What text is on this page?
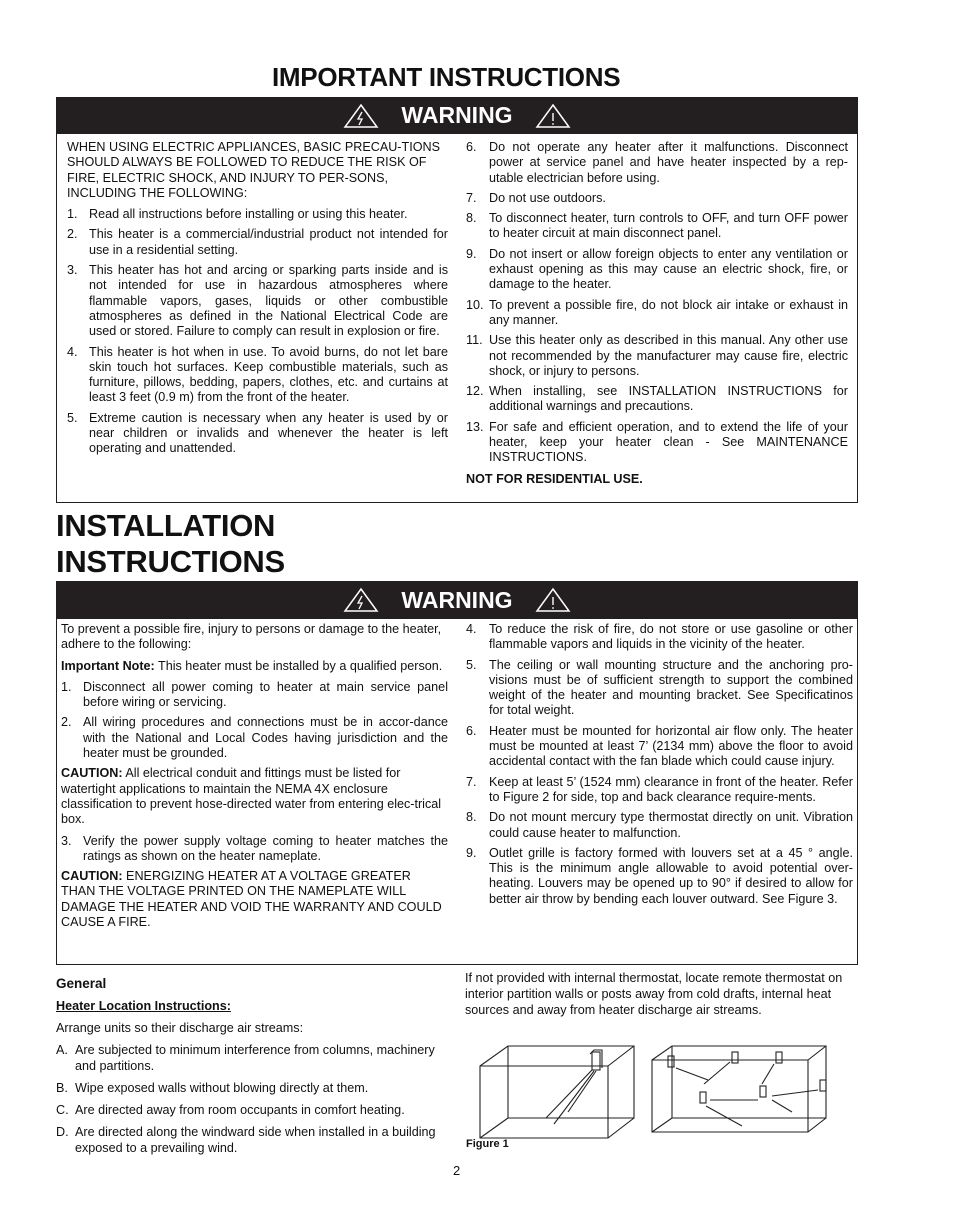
IMPORTANT INSTRUCTIONS
WARNING

WHEN USING ELECTRIC APPLIANCES, BASIC PRECAU-TIONS SHOULD ALWAYS BE FOLLOWED TO REDUCE THE RISK OF FIRE, ELECTRIC SHOCK, AND INJURY TO PER-SONS, INCLUDING THE FOLLOWING:

1. Read all instructions before installing or using this heater.
2. This heater is a commercial/industrial product not intended for use in a residential setting.
3. This heater has hot and arcing or sparking parts inside and is not intended for use in hazardous atmospheres where flammable vapors, gases, liquids or other combustible atmospheres as defined in the National Electrical Code are used or stored. Failure to comply can result in explosion or fire.
4. This heater is hot when in use. To avoid burns, do not let bare skin touch hot surfaces. Keep combustible materials, such as furniture, pillows, bedding, papers, clothes, etc. and curtains at least 3 feet (0.9 m) from the front of the heater.
5. Extreme caution is necessary when any heater is used by or near children or invalids and whenever the heater is left operating and unattended.
6. Do not operate any heater after it malfunctions. Disconnect power at service panel and have heater inspected by a rep-utable electrician before using.
7. Do not use outdoors.
8. To disconnect heater, turn controls to OFF, and turn OFF power to heater circuit at main disconnect panel.
9. Do not insert or allow foreign objects to enter any ventilation or exhaust opening as this may cause an electric shock, fire, or damage to the heater.
10. To prevent a possible fire, do not block air intake or exhaust in any manner.
11. Use this heater only as described in this manual. Any other use not recommended by the manufacturer may cause fire, electric shock, or injury to persons.
12. When installing, see INSTALLATION INSTRUCTIONS for additional warnings and precautions.
13. For safe and efficient operation, and to extend the life of your heater, keep your heater clean - See MAINTENANCE INSTRUCTIONS.

NOT FOR RESIDENTIAL USE.

INSTALLATION
INSTRUCTIONS
WARNING

To prevent a possible fire, injury to persons or damage to the heater, adhere to the following:

Important Note: This heater must be installed by a qualified person.

1. Disconnect all power coming to heater at main service panel before wiring or servicing.
2. All wiring procedures and connections must be in accor-dance with the National and Local Codes having jurisdiction and the heater must be grounded.

CAUTION: All electrical conduit and fittings must be listed for watertight applications to maintain the NEMA 4X enclosure classification to prevent hose-directed water from entering elec-trical box.

3. Verify the power supply voltage coming to heater matches the ratings as shown on the heater nameplate.

CAUTION: ENERGIZING HEATER AT A VOLTAGE GREATER THAN THE VOLTAGE PRINTED ON THE NAMEPLATE WILL DAMAGE THE HEATER AND VOID THE WARRANTY AND COULD CAUSE A FIRE.

4. To reduce the risk of fire, do not store or use gasoline or other flammable vapors and liquids in the vicinity of the heater.
5. The ceiling or wall mounting structure and the anchoring pro-visions must be of sufficient strength to support the combined weight of the heater and mounting bracket. See Specificatinos for total weight.
6. Heater must be mounted for horizontal air flow only. The heater must be mounted at least 7’ (2134 mm) above the floor to avoid accidental contact with the fan blade which could cause injury.
7. Keep at least 5’ (1524 mm) clearance in front of the heater. Refer to Figure 2 for side, top and back clearance require-ments.
8. Do not mount mercury type thermostat directly on unit. Vibration could cause heater to malfunction.
9. Outlet grille is factory formed with louvers set at a 45 ° angle. This is the minimum angle allowable to avoid potential over-heating. Louvers may be opened up to 90° if desired to allow for better air throw by bending each louver outward. See Figure 3.

General

Heater Location Instructions:

Arrange units so their discharge air streams:

A. Are subjected to minimum interference from columns, machinery and partitions.
B. Wipe exposed walls without blowing directly at them.
C. Are directed away from room occupants in comfort heating.
D. Are directed along the windward side when installed in a building exposed to a prevailing wind.
If not provided with internal thermostat, locate remote thermostat on interior partition walls or posts away from cold drafts, internal heat sources and away from heater discharge air streams.
Figure 1
2
